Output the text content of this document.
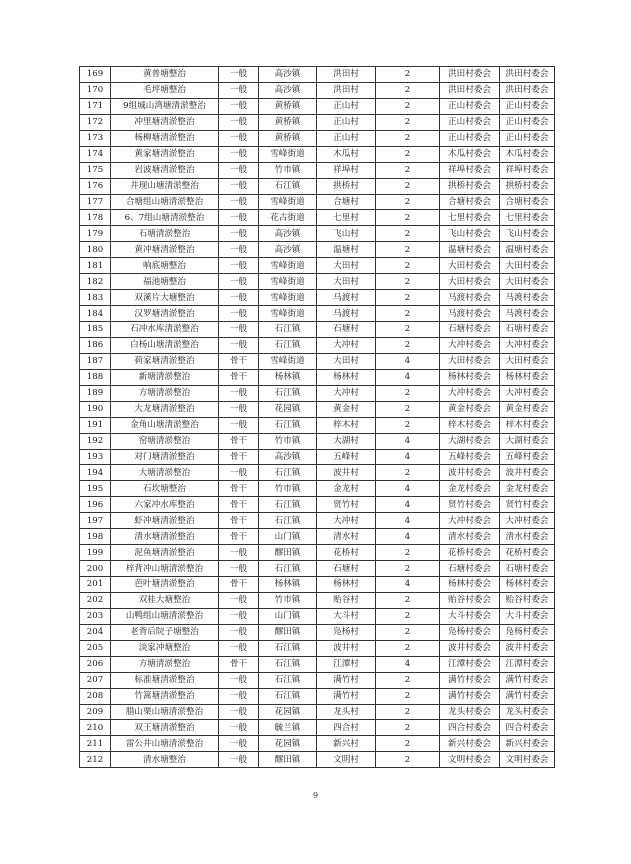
169	黄普塘整治	一般	高沙镇	洪田村	2	洪田村委会	洪田村委会
170	毛坪塘整治	一般	高沙镇	洪田村	2	洪田村委会	洪田村委会
171	9组城山湾塘清淤整治	一般	黄桥镇	正山村	2	正山村委会	正山村委会
172	冲里塘清淤整治	一般	黄桥镇	正山村	2	正山村委会	正山村委会
173	杨柳塘清淤整治	一般	黄桥镇	正山村	2	正山村委会	正山村委会
174	黄家塘清淤整治	一般	雪峰街道	木瓜村	2	木瓜村委会	木瓜村委会
175	岩波塘清淤整治	一般	竹市镇	祥埠村	2	祥埠村委会	祥埠村委会
176	井现山塘清淤整治	一般	石江镇	拱桥村	2	拱桥村委会	拱桥村委会
177	合塘组山塘清淤整治	一般	雪峰街道	合塘村	2	合塘村委会	合塘村委会
178	6、7组山塘清淤整治	一般	花古街道	七里村	2	七里村委会	七里村委会
179	石塘清淤整治	一般	高沙镇	飞山村	2	飞山村委会	飞山村委会
180	黄冲塘清淤整治	一般	高沙镇	温塘村	2	温塘村委会	温塘村委会
181	响底塘整治	一般	雪峰街道	大田村	2	大田村委会	大田村委会
182	福池塘整治	一般	雪峰街道	大田村	2	大田村委会	大田村委会
183	双溪片大塘整治	一般	雪峰街道	马渡村	2	马渡村委会	马渡村委会
184	汉罗塘清淤整治	一般	雪峰街道	马渡村	2	马渡村委会	马渡村委会
185	石冲水库清淤整治	一般	石江镇	石塘村	2	石塘村委会	石塘村委会
186	白杨山塘清淤整治	一般	石江镇	大冲村	2	大冲村委会	大冲村委会
187	荷家塘清淤整治	骨干	雪峰街道	大田村	4	大田村委会	大田村委会
188	新塘清淤整治	骨干	杨林镇	杨林村	4	杨林村委会	杨林村委会
189	方塘清淤整治	一般	石江镇	大冲村	2	大冲村委会	大冲村委会
190	大龙塘清淤整治	一般	花园镇	黄金村	2	黄金村委会	黄金村委会
191	金角山塘清淤整治	一般	石江镇	梓木村	2	梓木村委会	梓木村委会
192	窑塘清淤整治	骨干	竹市镇	大湖村	4	大湖村委会	大湖村委会
193	对门塘清淤整治	骨干	高沙镇	五峰村	4	五峰村委会	五峰村委会
194	大塘清淤整治	一般	石江镇	波井村	2	波井村委会	波井村委会
195	石坎塘整治	骨干	竹市镇	金龙村	4	金龙村委会	金龙村委会
196	六家冲水库整治	骨干	石江镇	贤竹村	4	贤竹村委会	贤竹村委会
197	虾冲塘清淤整治	骨干	石江镇	大冲村	4	大冲村委会	大冲村委会
198	清水塘清淤整治	骨干	山门镇	清水村	4	清水村委会	清水村委会
199	泥鱼塘清淤整治	一般	醪田镇	花桥村	2	花桥村委会	花桥村委会
200	梓背冲山塘清淤整治	一般	石江镇	石塘村	2	石塘村委会	石塘村委会
201	芭叶塘清淤整治	骨干	杨林镇	杨林村	4	杨林村委会	杨林村委会
202	双桂大塘整治	一般	竹市镇	贻谷村	2	贻谷村委会	贻谷村委会
203	山鸭组山塘清淤整治	一般	山门镇	大斗村	2	大斗村委会	大斗村委会
204	老背后院子塘整治	一般	醪田镇	凫杨村	2	凫杨村委会	凫杨村委会
205	淡家冲塘整治	一般	石江镇	波井村	2	波井村委会	波井村委会
206	方塘清淤整治	骨干	石江镇	江潭村	4	江潭村委会	江潭村委会
207	标准塘清淤整治	一般	石江镇	满竹村	2	满竹村委会	满竹村委会
208	竹篙塘清淤整治	一般	石江镇	满竹村	2	满竹村委会	满竹村委会
209	腊山栗山塘清淤整治	一般	花园镇	龙头村	2	龙头村委会	龙头村委会
210	双王塘清淤整治	一般	毓兰镇	四合村	2	四合村委会	四合村委会
211	雷公井山塘清淤整治	一般	花园镇	新兴村	2	新兴村委会	新兴村委会
212	清水塘整治	一般	醪田镇	文明村	2	文明村委会	文明村委会
9
